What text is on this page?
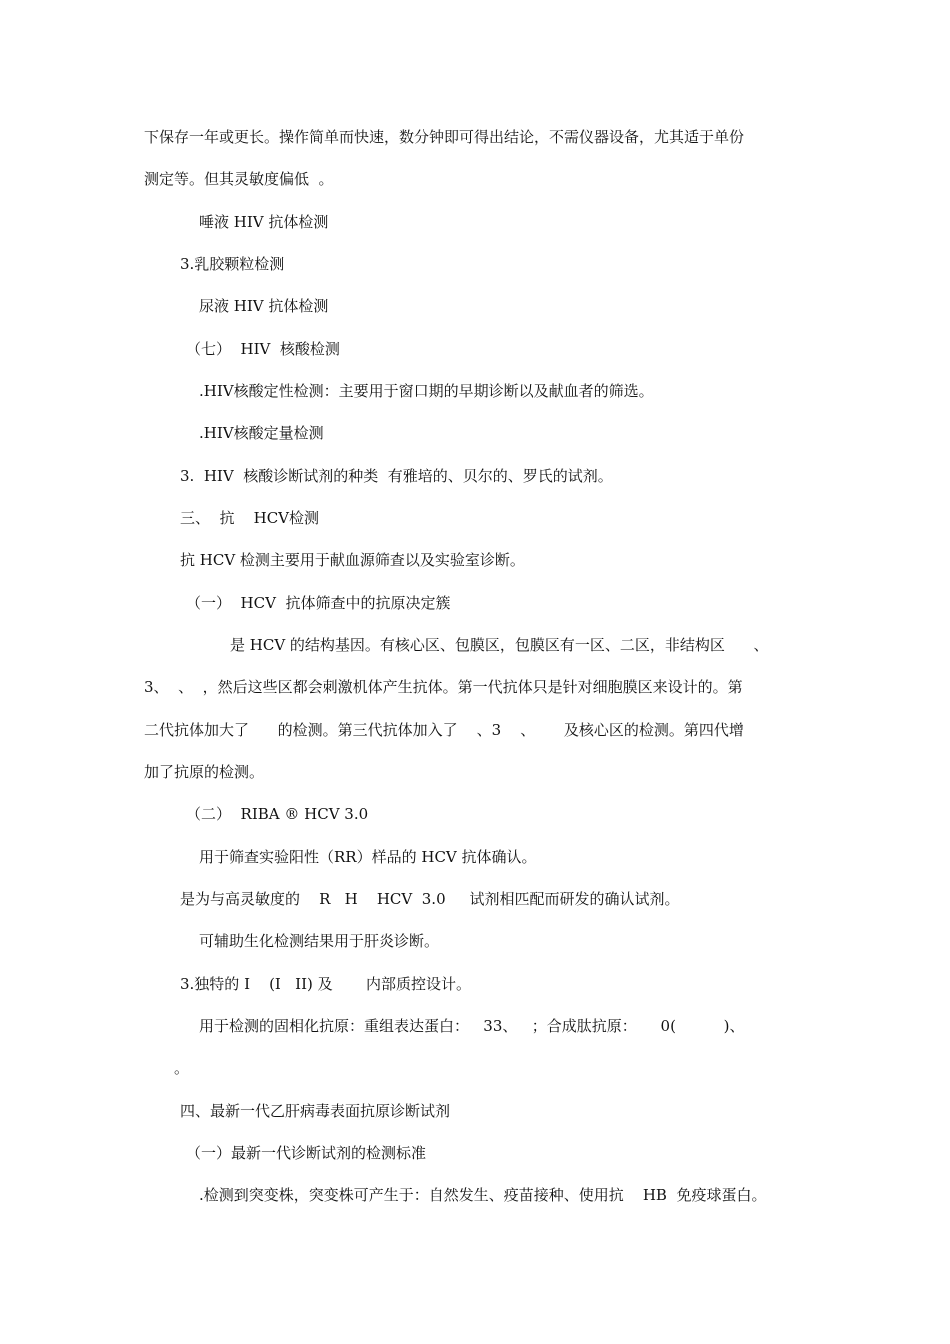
下保存一年或更长。操作简单而快速，数分钟即可得出结论，不需仪器设备，尤其适于单份
测定等。但其灵敏度偏低  。
唾液 HIV 抗体检测
3.乳胶颗粒检测
尿液 HIV 抗体检测
（七）  HIV  核酸检测
.HIV核酸定性检测：主要用于窗口期的早期诊断以及献血者的筛选。
.HIV核酸定量检测
3.  HIV  核酸诊断试剂的种类  有雅培的、贝尔的、罗氏的试剂。
三、  抗    HCV检测
抗 HCV 检测主要用于献血源筛查以及实验室诊断。
（一）  HCV  抗体筛查中的抗原决定簇
是 HCV 的结构基因。有核心区、包膜区，包膜区有一区、二区，非结构区      、
3、  、  ，然后这些区都会刺激机体产生抗体。第一代抗体只是针对细胞膜区来设计的。第
二代抗体加大了      的检测。第三代抗体加入了    、3    、      及核心区的检测。第四代增
加了抗原的检测。
（二）  RIBA ® HCV 3.0
用于筛查实验阳性（RR）样品的 HCV 抗体确认。
是为与高灵敏度的    R   H    HCV  3.0     试剂相匹配而研发的确认试剂。
可辅助生化检测结果用于肝炎诊断。
3.独特的 I    (I   II) 及       内部质控设计。
用于检测的固相化抗原：重组表达蛋白：   33、   ；合成肽抗原：     0(          )、
。
四、最新一代乙肝病毒表面抗原诊断试剂
（一）最新一代诊断试剂的检测标准
.检测到突变株，突变株可产生于：自然发生、疫苗接种、使用抗    HB  免疫球蛋白。
